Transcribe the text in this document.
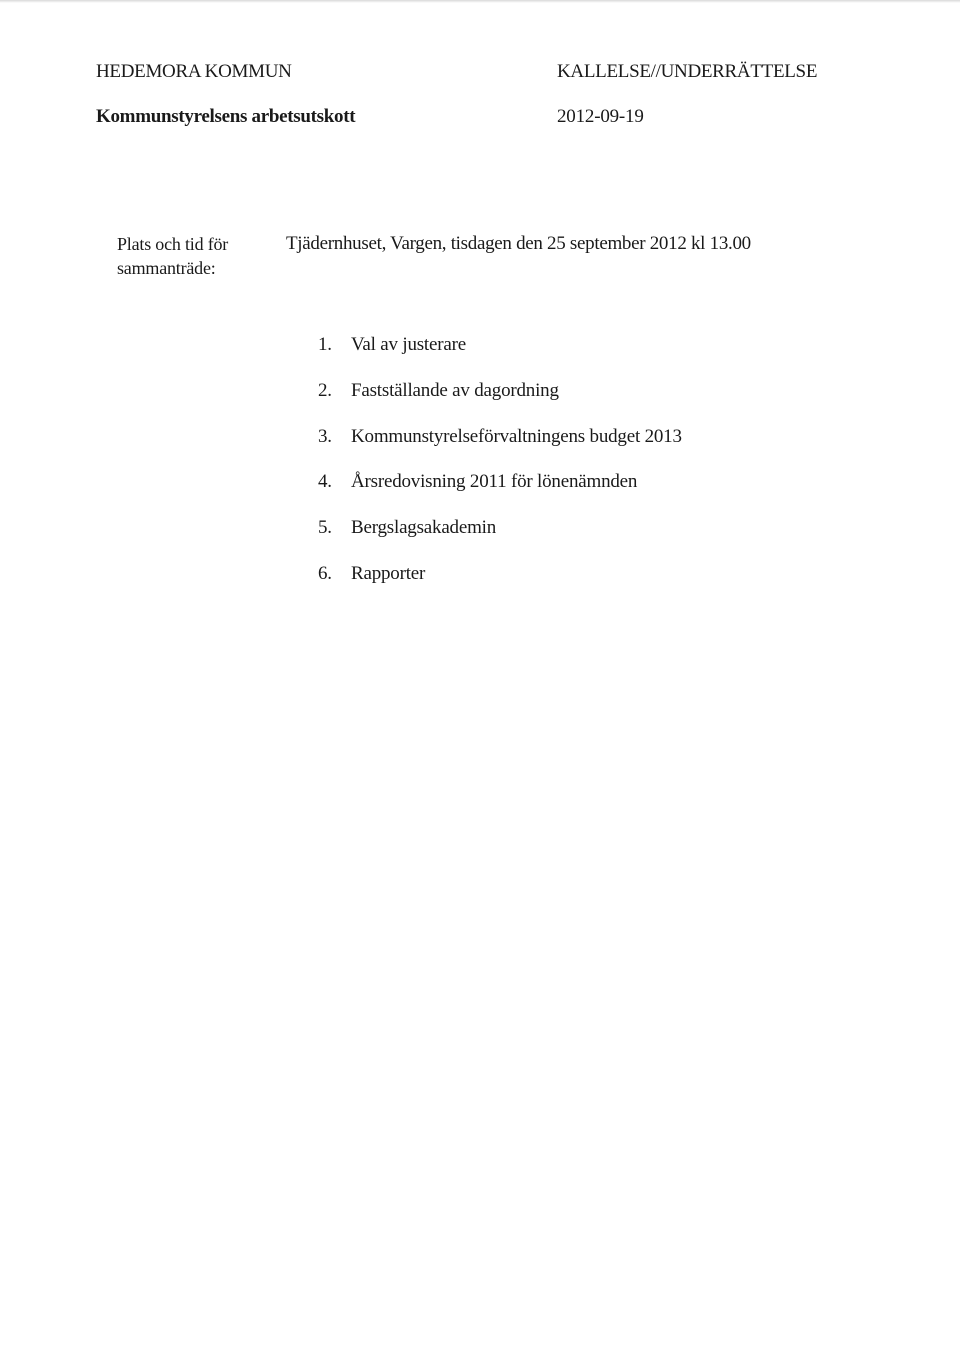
HEDEMORA KOMMUN	KALLELSE//UNDERRÄTTELSE
Kommunstyrelsens arbetsutskott	2012-09-19
Plats och tid för
sammanträde:
Tjädernhuset, Vargen, tisdagen den 25 september 2012 kl 13.00
1. Val av justerare
2. Fastställande av dagordning
3. Kommunstyrelseförvaltningens budget 2013
4. Årsredovisning 2011 för lönenämnden
5. Bergslagsakademin
6. Rapporter
